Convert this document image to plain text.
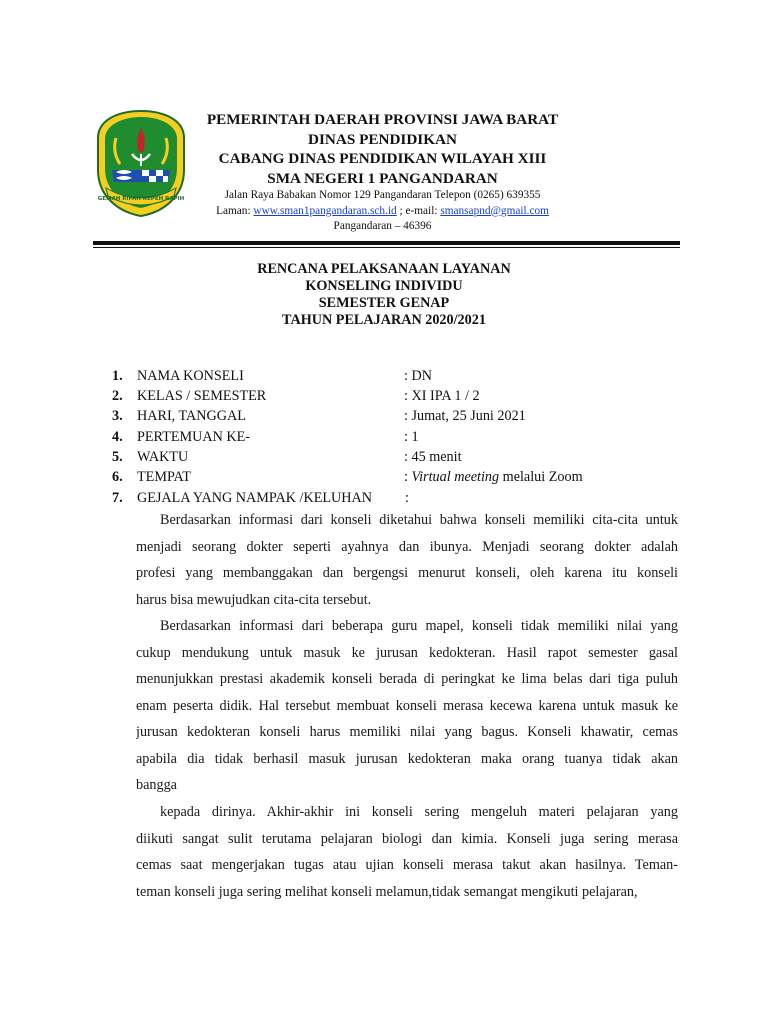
GEMAH RIPAH REPEH RAPIH
PEMERINTAH DAERAH PROVINSI JAWA BARAT
DINAS PENDIDIKAN
CABANG DINAS PENDIDIKAN WILAYAH XIII
SMA NEGERI 1 PANGANDARAN
Jalan Raya Babakan Nomor 129 Pangandaran Telepon (0265) 639355
Laman: www.sman1pangandaran.sch.id ; e-mail: smansapnd@gmail.com
Pangandaran – 46396
RENCANA PELAKSANAAN LAYANAN
KONSELING INDIVIDU
SEMESTER GENAP
TAHUN PELAJARAN 2020/2021
1. NAMA KONSELI	: DN
2. KELAS / SEMESTER	: XI IPA 1 / 2
3. HARI, TANGGAL	: Jumat, 25 Juni 2021
4. PERTEMUAN KE-	: 1
5. WAKTU	: 45 menit
6. TEMPAT	: Virtual meeting melalui Zoom
7. GEJALA YANG NAMPAK /KELUHAN :
Berdasarkan informasi dari konseli diketahui bahwa konseli memiliki cita-cita untuk
menjadi seorang dokter seperti ayahnya dan ibunya. Menjadi seorang dokter adalah
profesi yang membanggakan dan bergengsi menurut konseli, oleh karena itu konseli
harus bisa mewujudkan cita-cita tersebut.
Berdasarkan informasi dari beberapa guru mapel, konseli tidak memiliki nilai yang
cukup mendukung untuk masuk ke jurusan kedokteran. Hasil rapot semester gasal
menunjukkan prestasi akademik konseli berada di peringkat ke lima belas dari tiga puluh
enam peserta didik. Hal tersebut membuat konseli merasa kecewa karena untuk masuk ke
jurusan kedokteran konseli harus memiliki nilai yang bagus. Konseli khawatir, cemas
apabila dia tidak berhasil masuk jurusan kedokteran maka orang tuanya tidak akan
bangga
kepada dirinya. Akhir-akhir ini konseli sering mengeluh materi pelajaran yang
diikuti sangat sulit terutama pelajaran biologi dan kimia. Konseli juga sering merasa
cemas saat mengerjakan tugas atau ujian konseli merasa takut akan hasilnya. Teman-
teman konseli juga sering melihat konseli melamun,tidak semangat mengikuti pelajaran,
